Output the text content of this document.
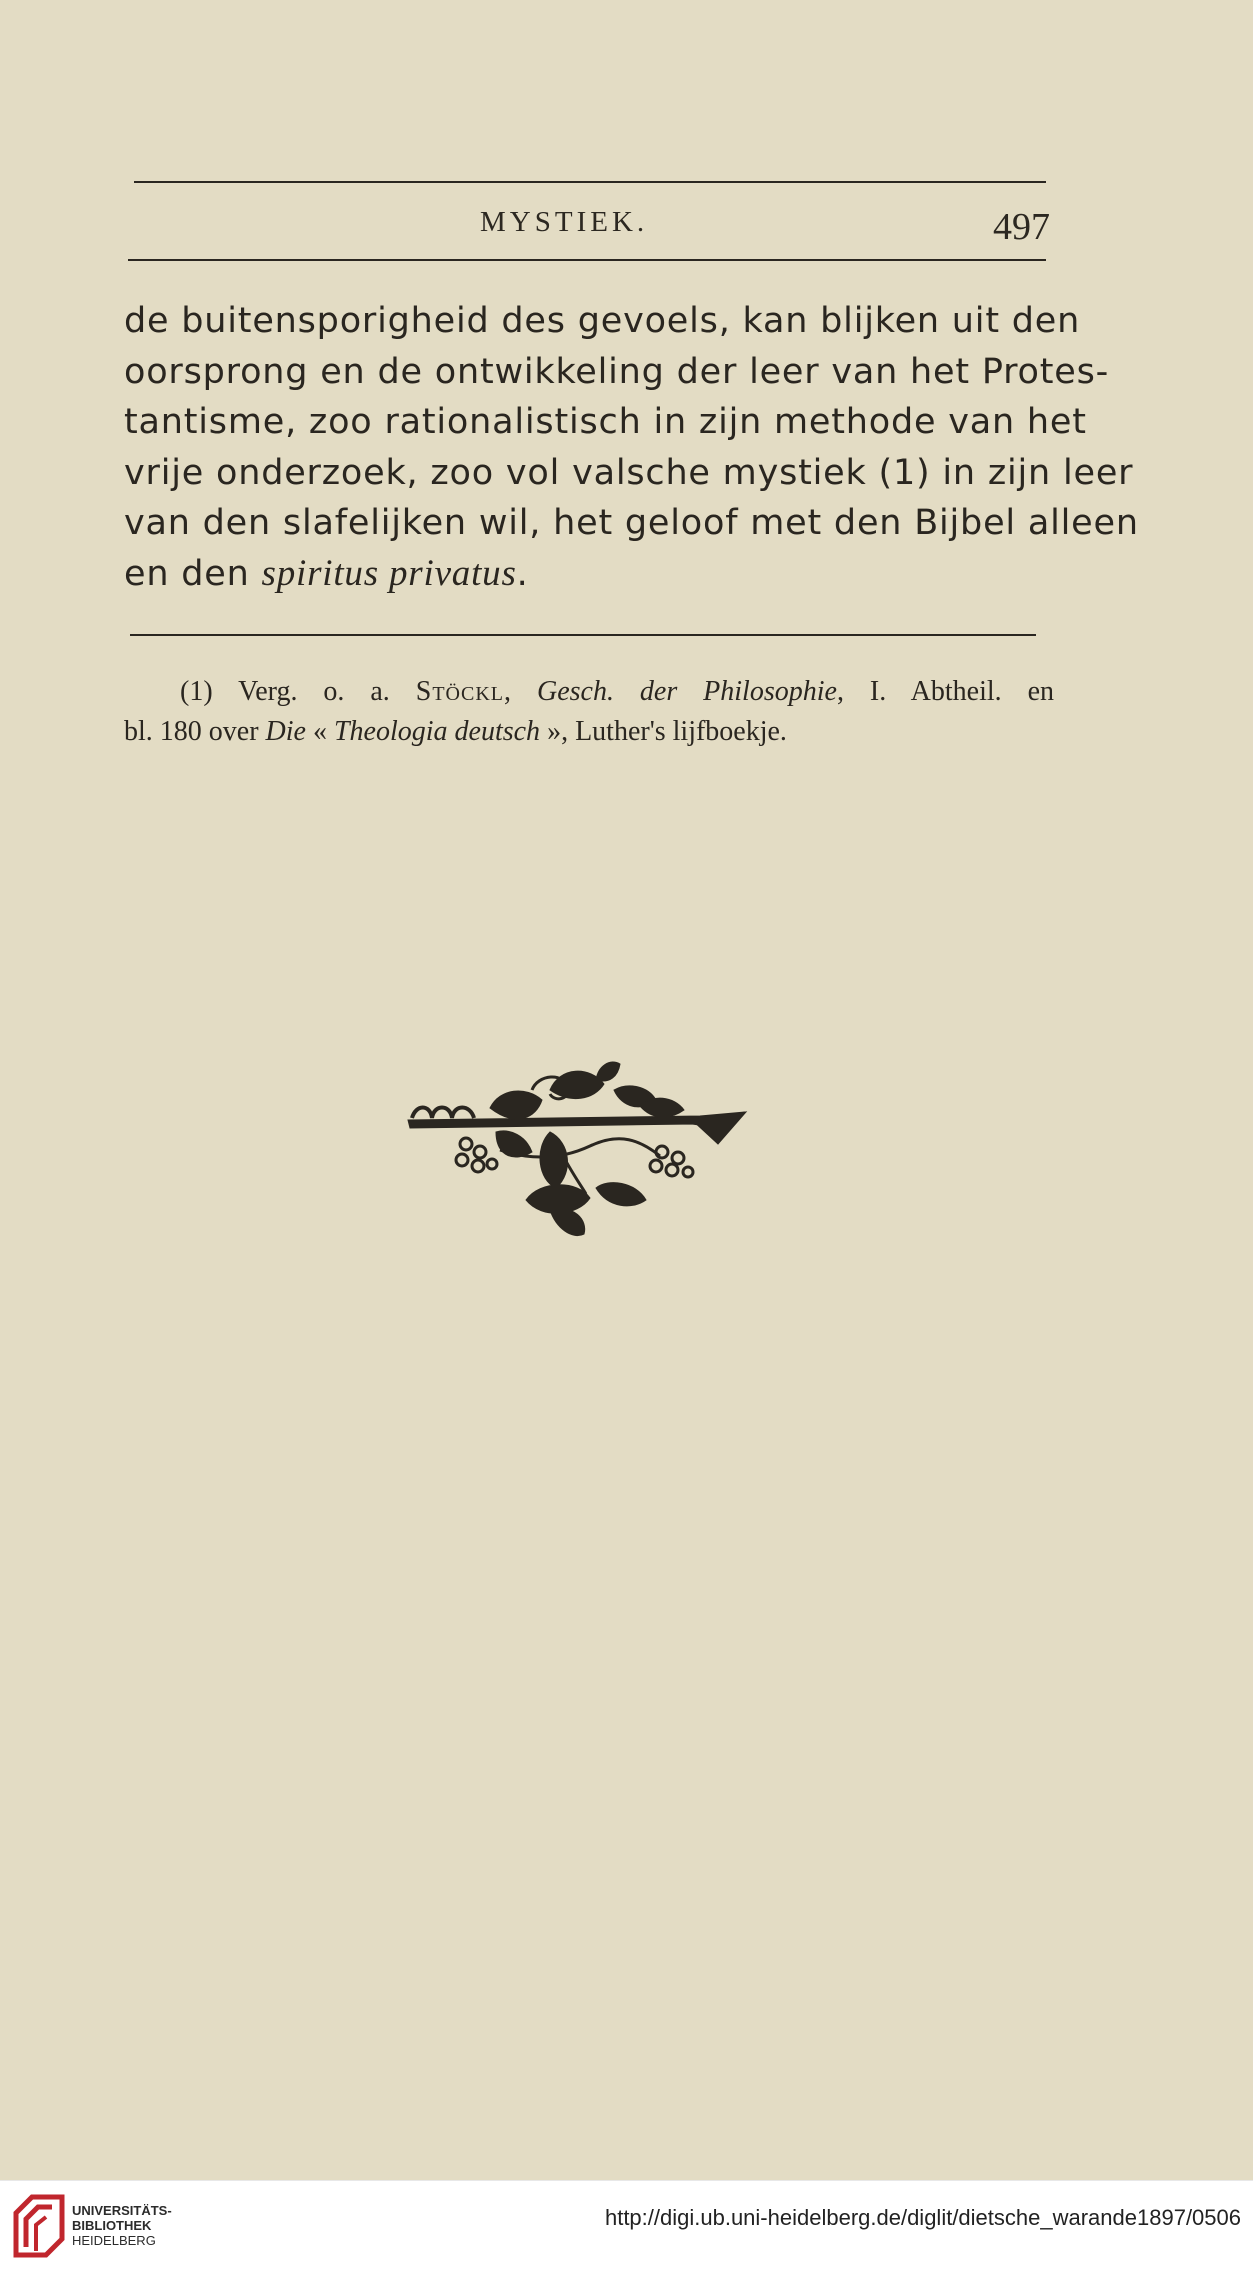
MYSTIEK.	497
de buitensporigheid des gevoels, kan blijken uit den
oorsprong en de ontwikkeling der leer van het Protes-
tantisme, zoo rationalistisch in zijn methode van het
vrije onderzoek, zoo vol valsche mystiek (1) in zijn leer
van den slafelijken wil, het geloof met den Bijbel alleen
en den spiritus privatus.
(1) Verg. o. a. Stöckl, Gesch. der Philosophie, I. Abtheil. en
bl. 180 over Die « Theologia deutsch », Luther's lijfboekje.
UNIVERSITÄTS-
BIBLIOTHEK
HEIDELBERG
http://digi.ub.uni-heidelberg.de/diglit/dietsche_warande1897/0506
